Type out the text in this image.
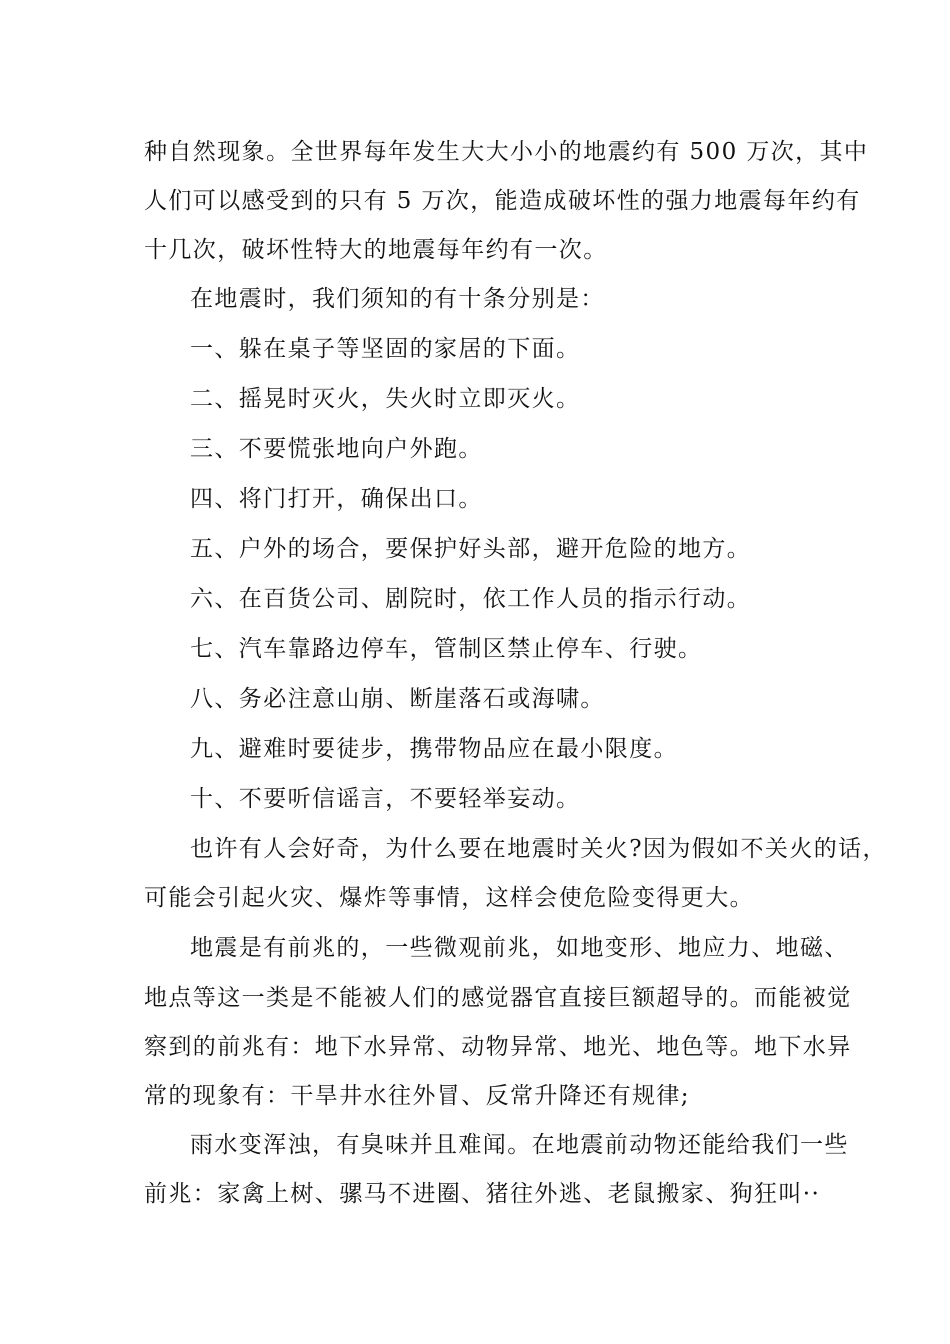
种自然现象。全世界每年发生大大小小的地震约有 500 万次，其中
人们可以感受到的只有 5 万次，能造成破坏性的强力地震每年约有
十几次，破坏性特大的地震每年约有一次。
在地震时，我们须知的有十条分别是：
一、躲在桌子等坚固的家居的下面。
二、摇晃时灭火，失火时立即灭火。
三、不要慌张地向户外跑。
四、将门打开，确保出口。
五、户外的场合，要保护好头部，避开危险的地方。
六、在百货公司、剧院时，依工作人员的指示行动。
七、汽车靠路边停车，管制区禁止停车、行驶。
八、务必注意山崩、断崖落石或海啸。
九、避难时要徒步，携带物品应在最小限度。
十、不要听信谣言，不要轻举妄动。
也许有人会好奇，为什么要在地震时关火?因为假如不关火的话，
可能会引起火灾、爆炸等事情，这样会使危险变得更大。
地震是有前兆的，一些微观前兆，如地变形、地应力、地磁、
地点等这一类是不能被人们的感觉器官直接巨额超导的。而能被觉
察到的前兆有：地下水异常、动物异常、地光、地色等。地下水异
常的现象有：干旱井水往外冒、反常升降还有规律;
雨水变浑浊，有臭味并且难闻。在地震前动物还能给我们一些
前兆：家禽上树、骡马不进圈、猪往外逃、老鼠搬家、狗狂叫··
